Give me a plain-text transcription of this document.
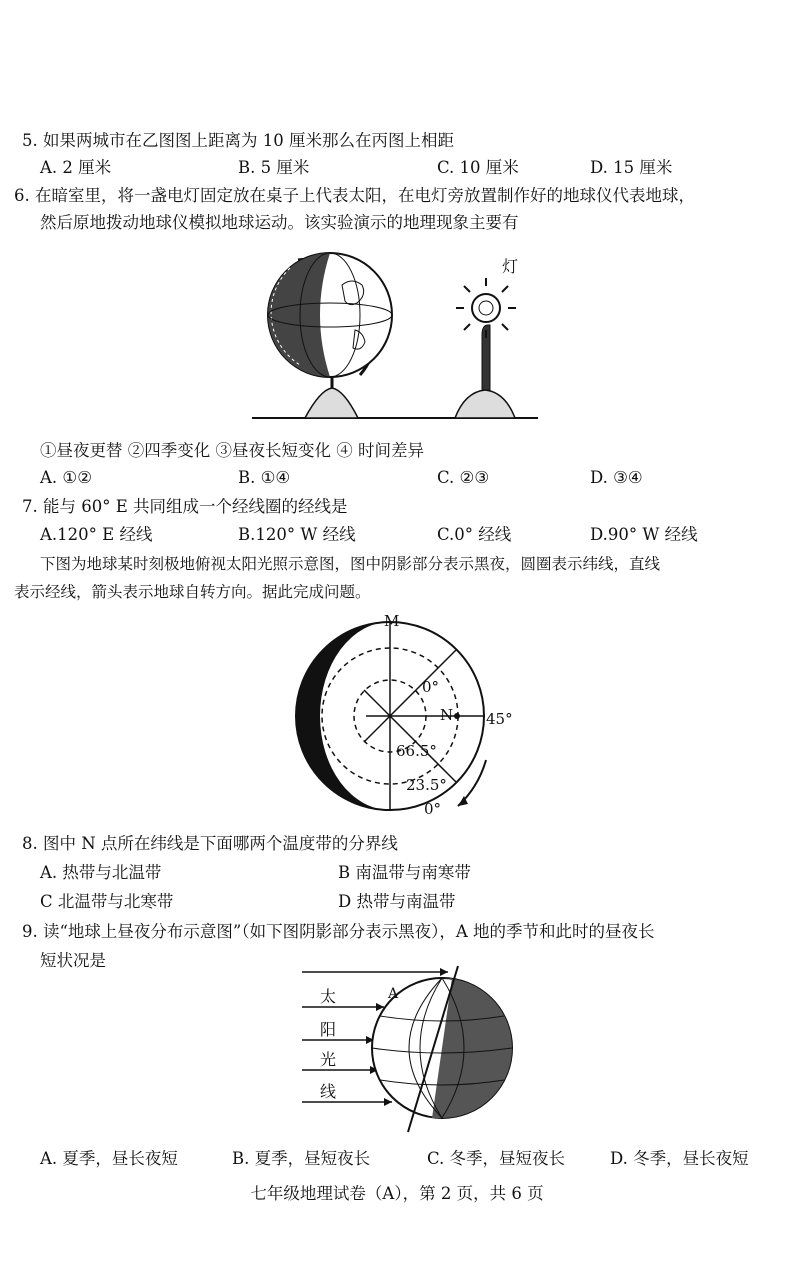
5. 如果两城市在乙图图上距离为 10 厘米那么在丙图上相距
A. 2 厘米	B. 5 厘米	C. 10 厘米	D. 15 厘米
6. 在暗室里，将一盏电灯固定放在桌子上代表太阳，在电灯旁放置制作好的地球仪代表地球，
然后原地拨动地球仪模拟地球运动。该实验演示的地理现象主要有
灯
①昼夜更替 ②四季变化 ③昼夜长短变化 ④ 时间差异
A. ①②	B. ①④	C. ②③	D. ③④
7. 能与 60° E 共同组成一个经线圈的经线是
A.120° E 经线	B.120° W 经线	C.0° 经线	D.90° W 经线
下图为地球某时刻极地俯视太阳光照示意图，图中阴影部分表示黑夜，圆圈表示纬线，直线
表示经线，箭头表示地球自转方向。据此完成问题。
M
0°
N 45°
66.5°
23.5°
0°
8. 图中 N 点所在纬线是下面哪两个温度带的分界线
A. 热带与北温带	B 南温带与南寒带
C 北温带与北寒带	D 热带与南温带
9. 读“地球上昼夜分布示意图”（如下图阴影部分表示黑夜），A 地的季节和此时的昼夜长
短状况是
太
阳
光
线
A
A. 夏季，昼长夜短	B. 夏季，昼短夜长	C. 冬季，昼短夜长	D. 冬季，昼长夜短
七年级地理试卷（A），第 2 页，共 6 页
